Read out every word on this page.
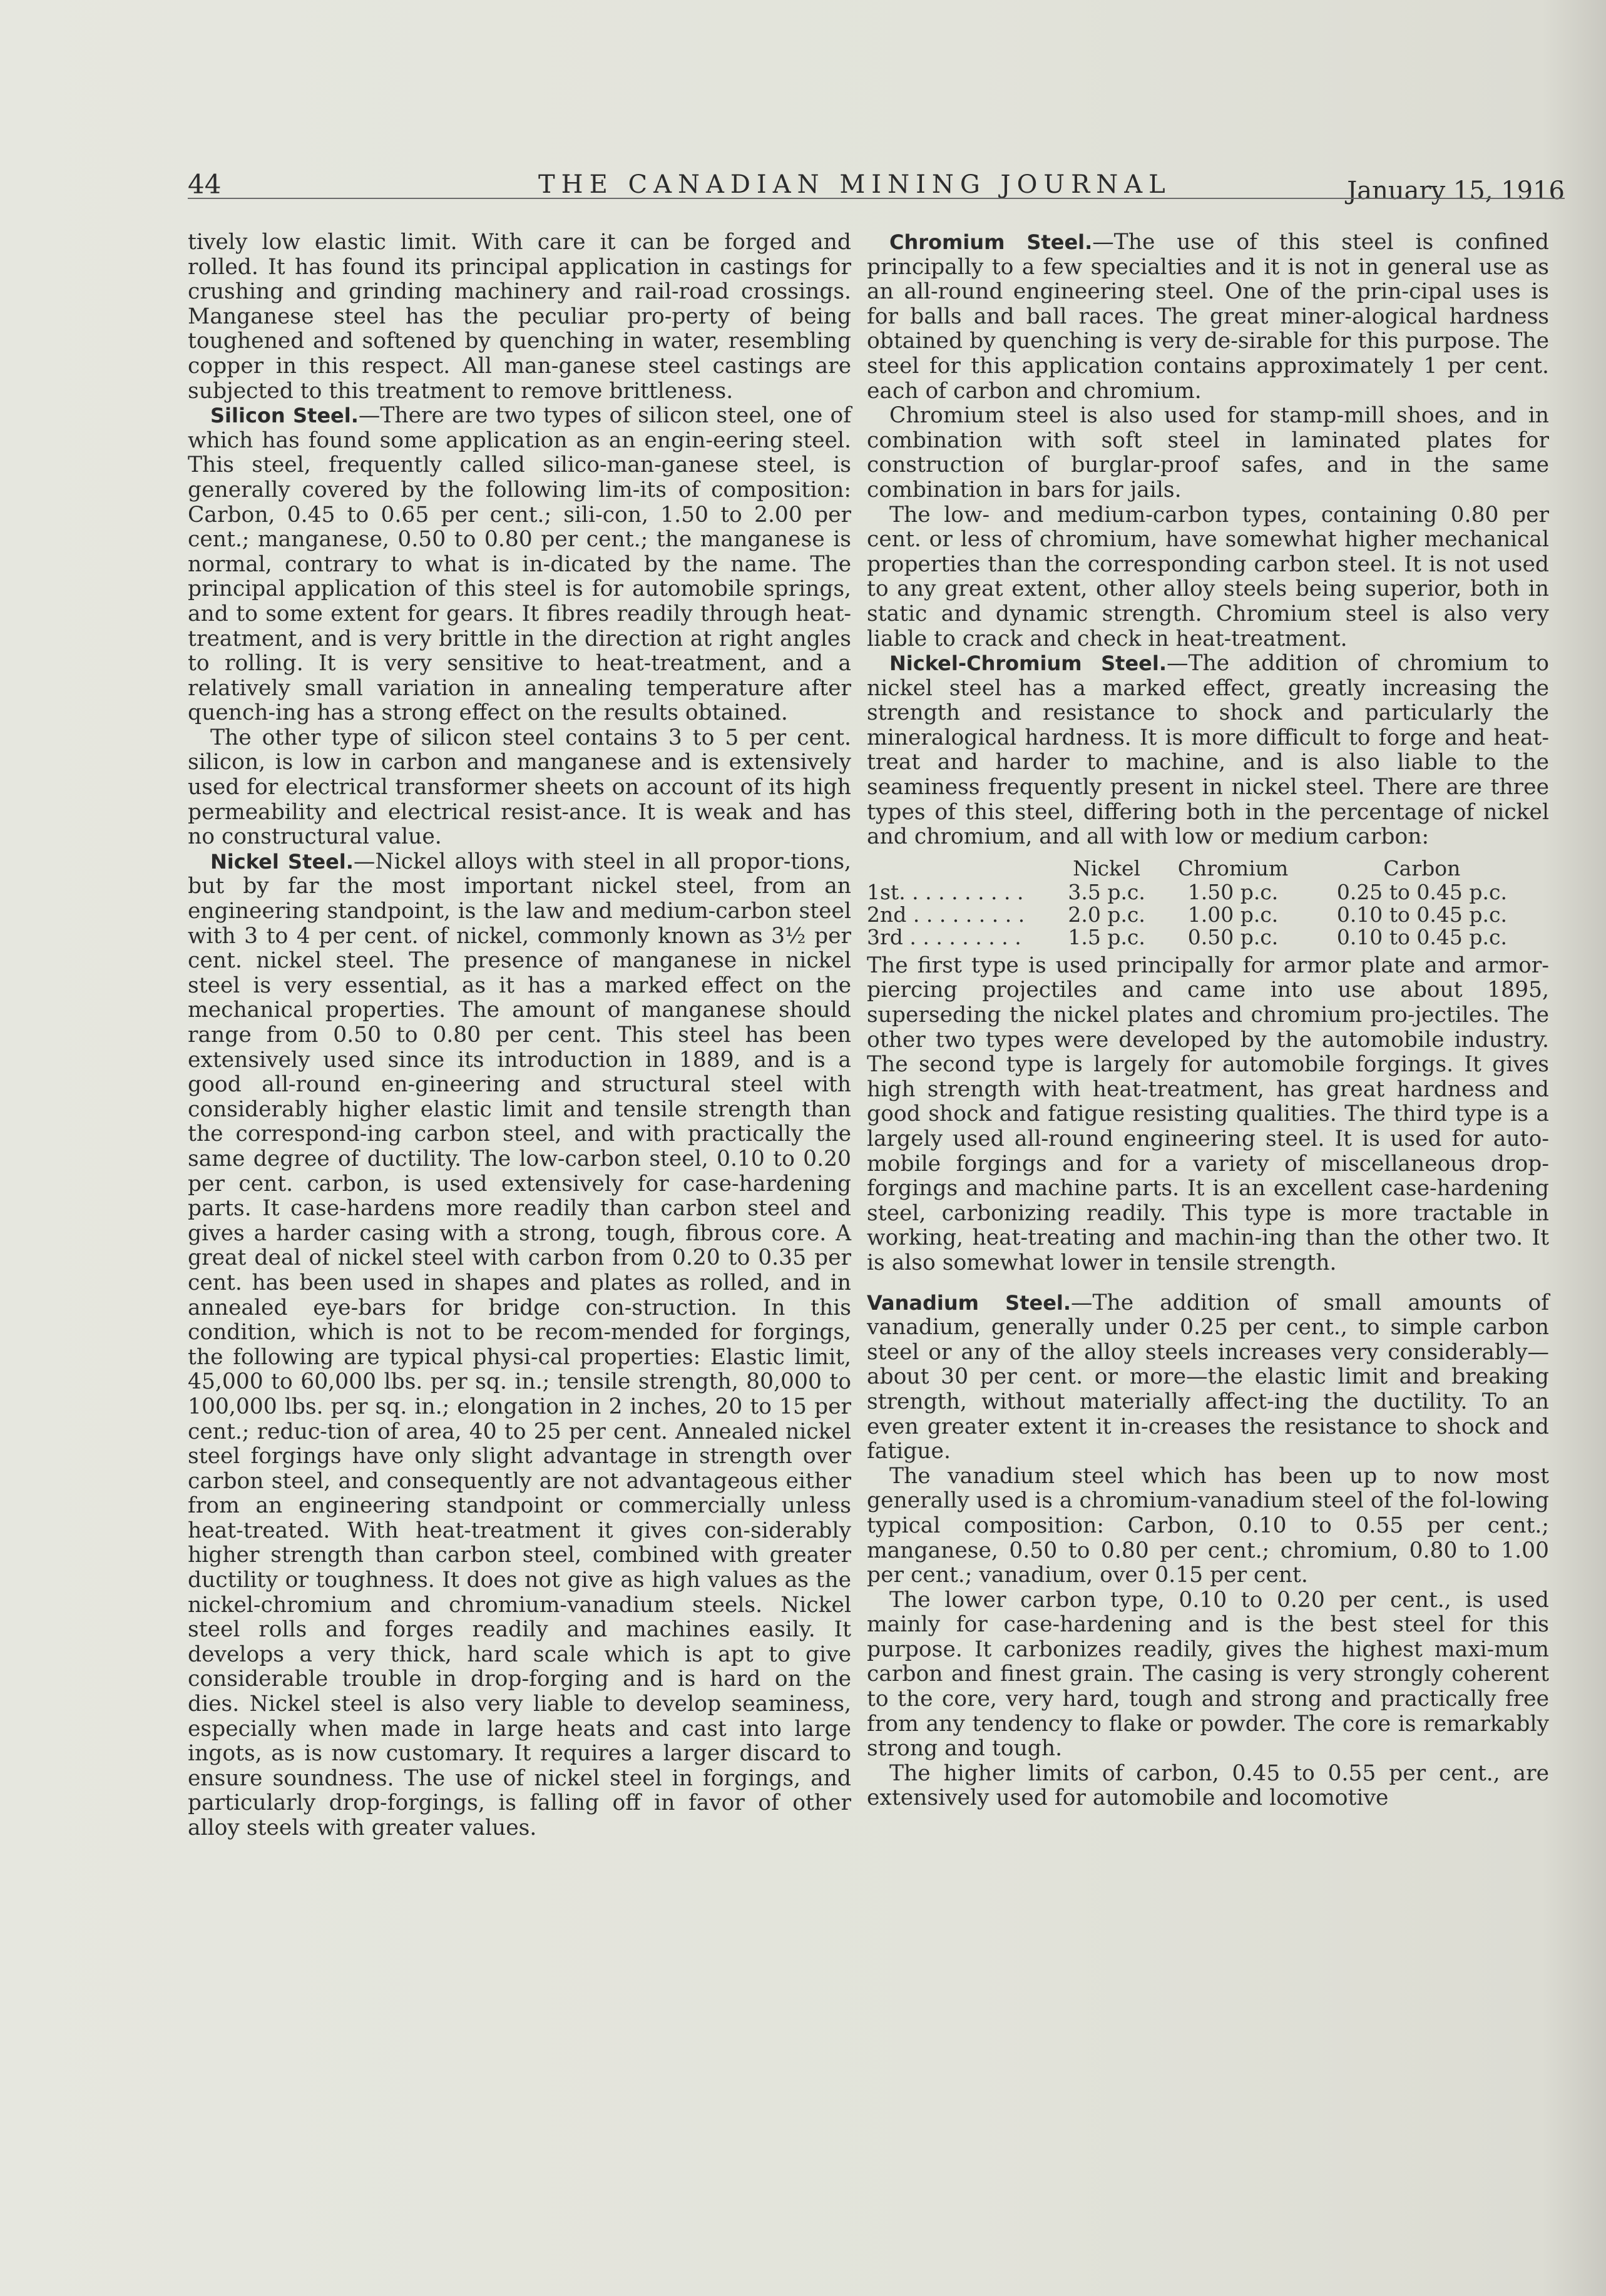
44	THE CANADIAN MINING JOURNAL	January 15, 1916

tively low elastic limit. With care it can be forged and rolled. It has found its principal application in castings for crushing and grinding machinery and rail-road crossings. Manganese steel has the peculiar pro-perty of being toughened and softened by quenching in water, resembling copper in this respect. All man-ganese steel castings are subjected to this treatment to remove brittleness.

Silicon Steel.—There are two types of silicon steel, one of which has found some application as an engin-eering steel. This steel, frequently called silico-man-ganese steel, is generally covered by the following lim-its of composition: Carbon, 0.45 to 0.65 per cent.; sili-con, 1.50 to 2.00 per cent.; manganese, 0.50 to 0.80 per cent.; the manganese is normal, contrary to what is in-dicated by the name. The principal application of this steel is for automobile springs, and to some extent for gears. It fibres readily through heat-treatment, and is very brittle in the direction at right angles to rolling. It is very sensitive to heat-treatment, and a relatively small variation in annealing temperature after quench-ing has a strong effect on the results obtained.

The other type of silicon steel contains 3 to 5 per cent. silicon, is low in carbon and manganese and is extensively used for electrical transformer sheets on account of its high permeability and electrical resist-ance. It is weak and has no constructural value.

Nickel Steel.—Nickel alloys with steel in all propor-tions, but by far the most important nickel steel, from an engineering standpoint, is the law and medium-carbon steel with 3 to 4 per cent. of nickel, commonly known as 3½ per cent. nickel steel. The presence of manganese in nickel steel is very essential, as it has a marked effect on the mechanical properties. The amount of manganese should range from 0.50 to 0.80 per cent. This steel has been extensively used since its introduction in 1889, and is a good all-round en-gineering and structural steel with considerably higher elastic limit and tensile strength than the correspond-ing carbon steel, and with practically the same degree of ductility. The low-carbon steel, 0.10 to 0.20 per cent. carbon, is used extensively for case-hardening parts. It case-hardens more readily than carbon steel and gives a harder casing with a strong, tough, fibrous core. A great deal of nickel steel with carbon from 0.20 to 0.35 per cent. has been used in shapes and plates as rolled, and in annealed eye-bars for bridge con-struction. In this condition, which is not to be recom-mended for forgings, the following are typical physi-cal properties: Elastic limit, 45,000 to 60,000 lbs. per sq. in.; tensile strength, 80,000 to 100,000 lbs. per sq. in.; elongation in 2 inches, 20 to 15 per cent.; reduc-tion of area, 40 to 25 per cent. Annealed nickel steel forgings have only slight advantage in strength over carbon steel, and consequently are not advantageous either from an engineering standpoint or commercially unless heat-treated. With heat-treatment it gives con-siderably higher strength than carbon steel, combined with greater ductility or toughness. It does not give as high values as the nickel-chromium and chromium-vanadium steels. Nickel steel rolls and forges readily and machines easily. It develops a very thick, hard scale which is apt to give considerable trouble in drop-forging and is hard on the dies. Nickel steel is also very liable to develop seaminess, especially when made in large heats and cast into large ingots, as is now customary. It requires a larger discard to ensure soundness. The use of nickel steel in forgings, and particularly drop-forgings, is falling off in favor of other alloy steels with greater values.

Chromium Steel.—The use of this steel is confined principally to a few specialties and it is not in general use as an all-round engineering steel. One of the prin-cipal uses is for balls and ball races. The great miner-alogical hardness obtained by quenching is very de-sirable for this purpose. The steel for this application contains approximately 1 per cent. each of carbon and chromium.

Chromium steel is also used for stamp-mill shoes, and in combination with soft steel in laminated plates for construction of burglar-proof safes, and in the same combination in bars for jails.

The low- and medium-carbon types, containing 0.80 per cent. or less of chromium, have somewhat higher mechanical properties than the corresponding carbon steel. It is not used to any great extent, other alloy steels being superior, both in static and dynamic strength. Chromium steel is also very liable to crack and check in heat-treatment.

Nickel-Chromium Steel.—The addition of chromium to nickel steel has a marked effect, greatly increasing the strength and resistance to shock and particularly the mineralogical hardness. It is more difficult to forge and heat-treat and harder to machine, and is also liable to the seaminess frequently present in nickel steel. There are three types of this steel, differing both in the percentage of nickel and chromium, and all with low or medium carbon:

	Nickel	Chromium	Carbon
1st. . . . . . . . . .	3.5 p.c.	1.50 p.c.	0.25 to 0.45 p.c.
2nd . . . . . . . . .	2.0 p.c.	1.00 p.c.	0.10 to 0.45 p.c.
3rd . . . . . . . . .	1.5 p.c.	0.50 p.c.	0.10 to 0.45 p.c.

The first type is used principally for armor plate and armor-piercing projectiles and came into use about 1895, superseding the nickel plates and chromium pro-jectiles. The other two types were developed by the automobile industry. The second type is largely for automobile forgings. It gives high strength with heat-treatment, has great hardness and good shock and fatigue resisting qualities. The third type is a largely used all-round engineering steel. It is used for auto-mobile forgings and for a variety of miscellaneous drop-forgings and machine parts. It is an excellent case-hardening steel, carbonizing readily. This type is more tractable in working, heat-treating and machin-ing than the other two. It is also somewhat lower in tensile strength.

Vanadium Steel.—The addition of small amounts of vanadium, generally under 0.25 per cent., to simple carbon steel or any of the alloy steels increases very considerably—about 30 per cent. or more—the elastic limit and breaking strength, without materially affect-ing the ductility. To an even greater extent it in-creases the resistance to shock and fatigue.

The vanadium steel which has been up to now most generally used is a chromium-vanadium steel of the fol-lowing typical composition: Carbon, 0.10 to 0.55 per cent.; manganese, 0.50 to 0.80 per cent.; chromium, 0.80 to 1.00 per cent.; vanadium, over 0.15 per cent.

The lower carbon type, 0.10 to 0.20 per cent., is used mainly for case-hardening and is the best steel for this purpose. It carbonizes readily, gives the highest maxi-mum carbon and finest grain. The casing is very strongly coherent to the core, very hard, tough and strong and practically free from any tendency to flake or powder. The core is remarkably strong and tough.

The higher limits of carbon, 0.45 to 0.55 per cent., are extensively used for automobile and locomotive
